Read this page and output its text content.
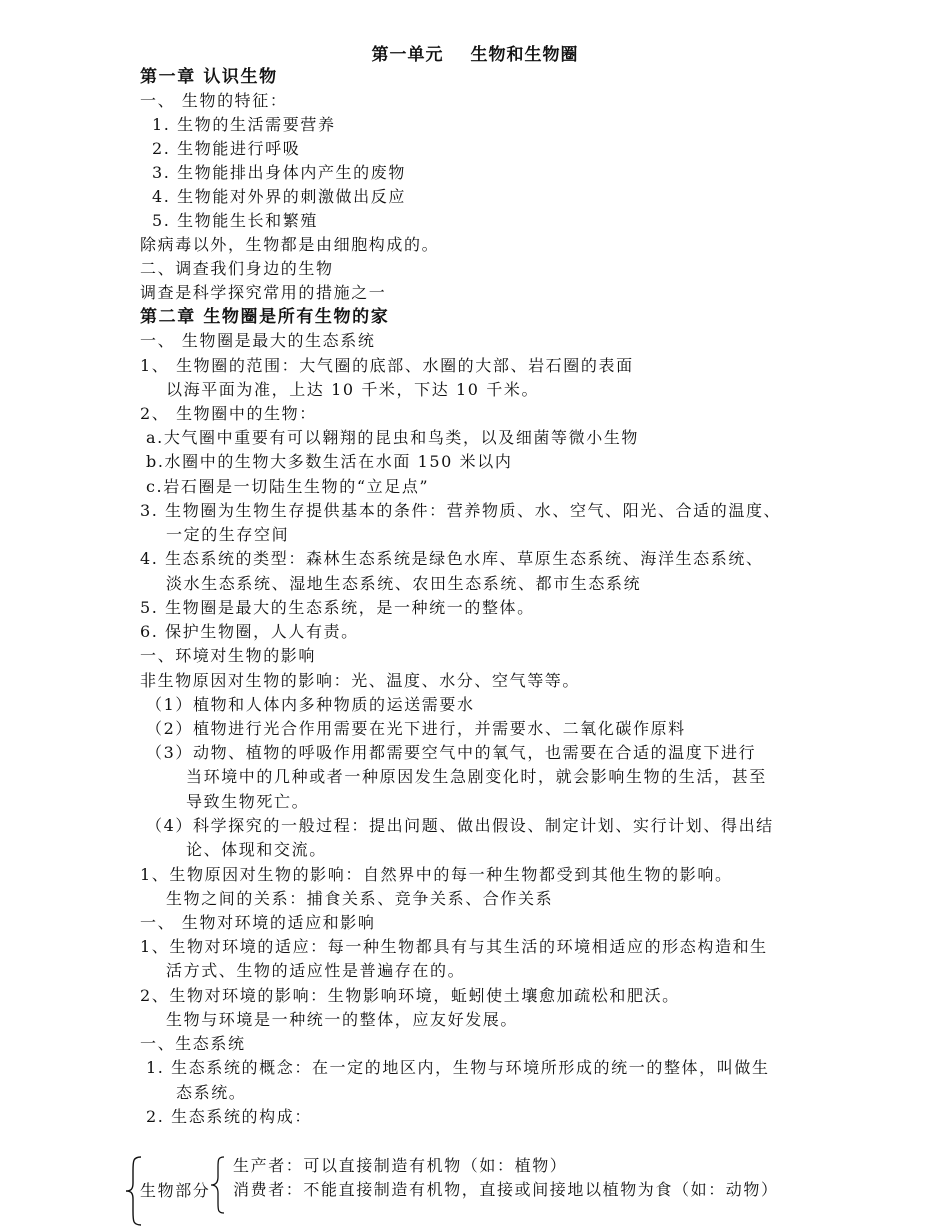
第一单元 生物和生物圈
第一章 认识生物
一、 生物的特征：
1. 生物的生活需要营养
2. 生物能进行呼吸
3. 生物能排出身体内产生的废物
4. 生物能对外界的刺激做出反应
5. 生物能生长和繁殖
除病毒以外，生物都是由细胞构成的。
二、调查我们身边的生物
调查是科学探究常用的措施之一
第二章 生物圈是所有生物的家
一、 生物圈是最大的生态系统
1、 生物圈的范围：大气圈的底部、水圈的大部、岩石圈的表面
以海平面为准，上达 10 千米，下达 10 千米。
2、 生物圈中的生物：
a.大气圈中重要有可以翱翔的昆虫和鸟类，以及细菌等微小生物
b.水圈中的生物大多数生活在水面 150 米以内
c.岩石圈是一切陆生生物的“立足点”
3. 生物圈为生物生存提供基本的条件：营养物质、水、空气、阳光、合适的温度、
一定的生存空间
4. 生态系统的类型：森林生态系统是绿色水库、草原生态系统、海洋生态系统、
淡水生态系统、湿地生态系统、农田生态系统、都市生态系统
5. 生物圈是最大的生态系统，是一种统一的整体。
6. 保护生物圈，人人有责。
一、环境对生物的影响
非生物原因对生物的影响：光、温度、水分、空气等等。
（1）植物和人体内多种物质的运送需要水
（2）植物进行光合作用需要在光下进行，并需要水、二氧化碳作原料
（3）动物、植物的呼吸作用都需要空气中的氧气，也需要在合适的温度下进行
当环境中的几种或者一种原因发生急剧变化时，就会影响生物的生活，甚至
导致生物死亡。
（4）科学探究的一般过程：提出问题、做出假设、制定计划、实行计划、得出结
论、体现和交流。
1、生物原因对生物的影响：自然界中的每一种生物都受到其他生物的影响。
生物之间的关系：捕食关系、竞争关系、合作关系
一、 生物对环境的适应和影响
1、生物对环境的适应：每一种生物都具有与其生活的环境相适应的形态构造和生
活方式、生物的适应性是普遍存在的。
2、生物对环境的影响：生物影响环境，蚯蚓使土壤愈加疏松和肥沃。
生物与环境是一种统一的整体，应友好发展。
一、生态系统
1. 生态系统的概念：在一定的地区内，生物与环境所形成的统一的整体，叫做生
态系统。
2. 生态系统的构成：
生物部分
生产者：可以直接制造有机物（如：植物）
消费者：不能直接制造有机物，直接或间接地以植物为食（如：动物）
